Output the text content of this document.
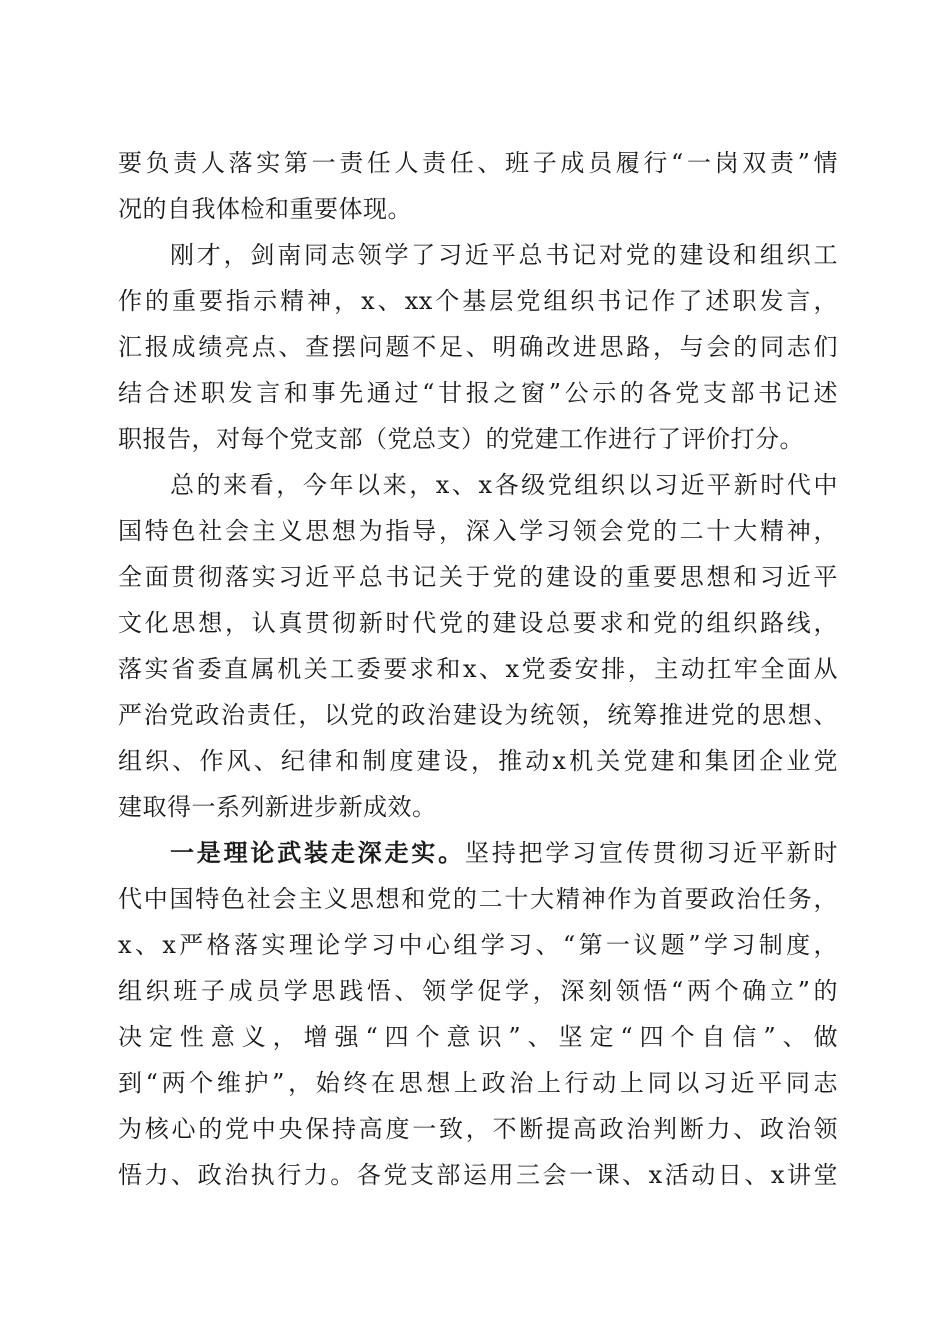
要负责人落实第一责任人责任、班子成员履行“一岗双责”情
况的自我体检和重要体现。
刚才，剑南同志领学了习近平总书记对党的建设和组织工
作的重要指示精神，x、xx个基层党组织书记作了述职发言，
汇报成绩亮点、查摆问题不足、明确改进思路，与会的同志们
结合述职发言和事先通过“甘报之窗”公示的各党支部书记述
职报告，对每个党支部（党总支）的党建工作进行了评价打分。
总的来看，今年以来，x、x各级党组织以习近平新时代中
国特色社会主义思想为指导，深入学习领会党的二十大精神，
全面贯彻落实习近平总书记关于党的建设的重要思想和习近平
文化思想，认真贯彻新时代党的建设总要求和党的组织路线，
落实省委直属机关工委要求和x、x党委安排，主动扛牢全面从
严治党政治责任，以党的政治建设为统领，统筹推进党的思想、
组织、作风、纪律和制度建设，推动x机关党建和集团企业党
建取得一系列新进步新成效。
一是理论武装走深走实。坚持把学习宣传贯彻习近平新时
代中国特色社会主义思想和党的二十大精神作为首要政治任务，
x、x严格落实理论学习中心组学习、“第一议题”学习制度，
组织班子成员学思践悟、领学促学，深刻领悟“两个确立”的
决定性意义，增强“四个意识”、坚定“四个自信”、做
到“两个维护”，始终在思想上政治上行动上同以习近平同志
为核心的党中央保持高度一致，不断提高政治判断力、政治领
悟力、政治执行力。各党支部运用三会一课、x活动日、x讲堂
